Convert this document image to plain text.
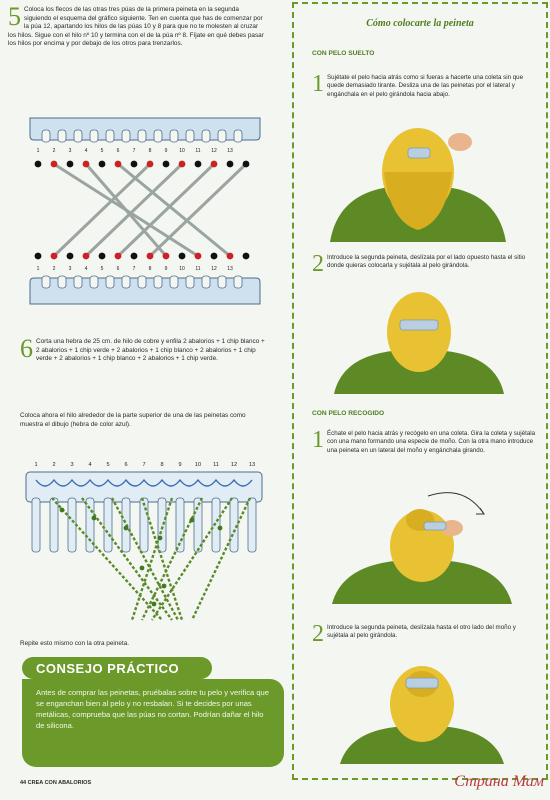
5 Coloca los flecos de las otras tres púas de la primera peineta en la segunda siguiendo el esquema del gráfico siguiente. Ten en cuenta que has de comenzar por la púa 12, apartando los hilos de las púas 10 y 8 para que no te molesten al cruzar los hilos. Sigue con el hilo nº 10 y termina con el de la púa nº 8. Fíjate en qué debes pasar los hilos por encima y por debajo de los otros para trenzarlos.
1	2	3	4	5	6	7	8	9 10 11 12 13
1	2	3	4	5	6	7	8	9 10 11 12 13
6 Corta una hebra de 25 cm. de hilo de cobre y enfila 2 abalorios + 1 chip blanco + 2 abalorios + 1 chip verde + 2 abalorios + 1 chip blanco + 2 abalorios + 1 chip verde + 2 abalorios + 1 chip blanco + 2 abalorios + 1 chip verde.
Coloca ahora el hilo alrededor de la parte superior de una de las peinetas como muestra el dibujo (hebra de color azul).
1	2	3	4	5	6	7	8	9 10 11 12 13
Repite esto mismo con la otra peineta.
Antes de comprar las peinetas, pruébalas sobre tu pelo y verifica que se enganchan bien al pelo y no resbalan. Si te decides por unas metálicas, comprueba que las púas no cortan. Podrían dañar el hilo de silicona.
CONSEJO PRÁCTICO
44 CREA CON ABALORIOS
Cómo colocarte la peineta
CON PELO SUELTO
1 Sujétate el pelo hacia atrás como si fueras a hacerte una coleta sin que quede demasiado tirante. Desliza una de las peinetas por el lateral y engánchala en el pelo girándola hacia abajo.
2 Introduce la segunda peineta, deslízala por el lado opuesto hasta el sitio donde quieras colocarla y sujétala al pelo girándola.
CON PELO RECOGIDO
1 Échate el pelo hacia atrás y recógelo en una coleta. Gira la coleta y sujétala con una mano formando una especie de moño. Con la otra mano introduce una peineta en un lateral del moño y engánchala girando.
2 Introduce la segunda peineta, deslízala hasta el otro lado del moño y sujétala al pelo girándola.
Страна Мам
